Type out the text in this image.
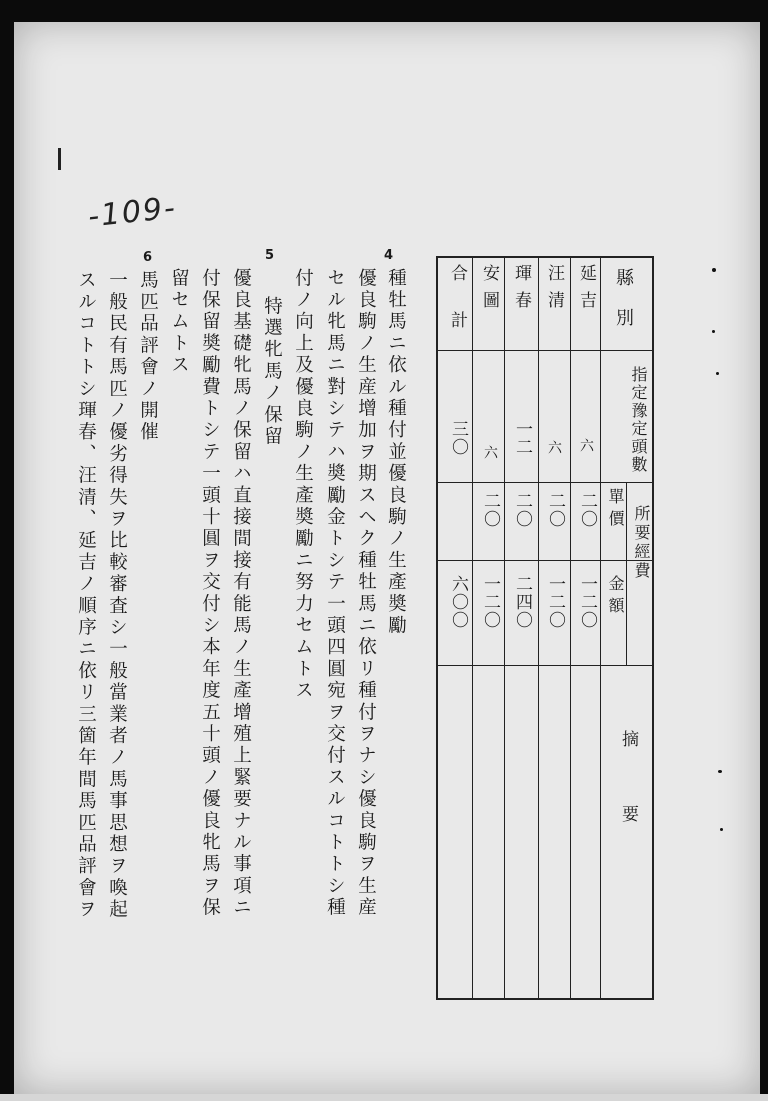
-109-
4
種牡馬ニ依ル種付並優良駒ノ生產奬勵
優良駒ノ生産增加ヲ期スヘク種牡馬ニ依リ種付ヲナシ優良駒ヲ生産
セル牝馬ニ對シテハ奬勵金トシテ一頭四圓宛ヲ交付スルコトトシ種
付ノ向上及優良駒ノ生產奬勵ニ努力セムトス
5
特選牝馬ノ保留
優良基礎牝馬ノ保留ハ直接間接有能馬ノ生產增殖上緊要ナル事項ニ
付保留奬勵費トシテ一頭十圓ヲ交付シ本年度五十頭ノ優良牝馬ヲ保
留セムトス
6
馬匹品評會ノ開催
一般民有馬匹ノ優劣得失ヲ比較審査シ一般當業者ノ馬事思想ヲ喚起
スルコトトシ琿春、汪清、延吉ノ順序ニ依リ三箇年間馬匹品評會ヲ	縣別
指定豫定頭數
所要經費
單價
金額
摘要
延吉
六
二〇
一二〇
汪清
六
二〇
一二〇
琿春
一二
二〇
二四〇
安圖
六
二〇
一二〇
合計
三〇
六〇〇
